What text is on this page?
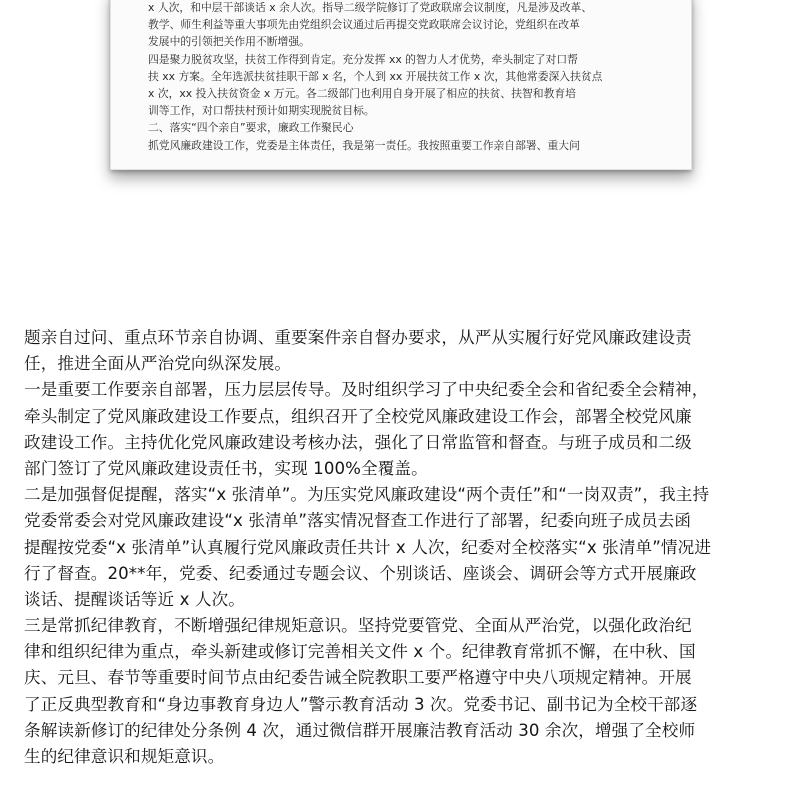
x 人次，和中层干部谈话 x 余人次。指导二级学院修订了党政联席会议制度，凡是涉及改革、
教学、师生利益等重大事项先由党组织会议通过后再提交党政联席会议讨论，党组织在改革
发展中的引领把关作用不断增强。
四是聚力脱贫攻坚，扶贫工作得到肯定。充分发挥 xx 的智力人才优势，牵头制定了对口帮
扶 xx 方案。全年选派扶贫挂职干部 x 名，个人到 xx 开展扶贫工作 x 次，其他常委深入扶贫点
x 次，xx 投入扶贫资金 x 万元。各二级部门也利用自身开展了相应的扶贫、扶智和教育培
训等工作，对口帮扶村预计如期实现脱贫目标。
二、落实“四个亲自”要求，廉政工作聚民心
抓党风廉政建设工作，党委是主体责任，我是第一责任。我按照重要工作亲自部署、重大问
题亲自过问、重点环节亲自协调、重要案件亲自督办要求，从严从实履行好党风廉政建设责
任，推进全面从严治党向纵深发展。
一是重要工作要亲自部署，压力层层传导。及时组织学习了中央纪委全会和省纪委全会精神，
牵头制定了党风廉政建设工作要点，组织召开了全校党风廉政建设工作会，部署全校党风廉
政建设工作。主持优化党风廉政建设考核办法，强化了日常监管和督查。与班子成员和二级
部门签订了党风廉政建设责任书，实现 100%全覆盖。
二是加强督促提醒，落实“x 张清单”。为压实党风廉政建设“两个责任”和“一岗双责”，我主持
党委常委会对党风廉政建设“x 张清单”落实情况督查工作进行了部署，纪委向班子成员去函
提醒按党委“x 张清单”认真履行党风廉政责任共计 x 人次，纪委对全校落实“x 张清单”情况进
行了督查。20**年，党委、纪委通过专题会议、个别谈话、座谈会、调研会等方式开展廉政
谈话、提醒谈话等近 x 人次。
三是常抓纪律教育，不断增强纪律规矩意识。坚持党要管党、全面从严治党，以强化政治纪
律和组织纪律为重点，牵头新建或修订完善相关文件 x 个。纪律教育常抓不懈，在中秋、国
庆、元旦、春节等重要时间节点由纪委告诫全院教职工要严格遵守中央八项规定精神。开展
了正反典型教育和“身边事教育身边人”警示教育活动 3 次。党委书记、副书记为全校干部逐
条解读新修订的纪律处分条例 4 次，通过微信群开展廉洁教育活动 30 余次，增强了全校师
生的纪律意识和规矩意识。
